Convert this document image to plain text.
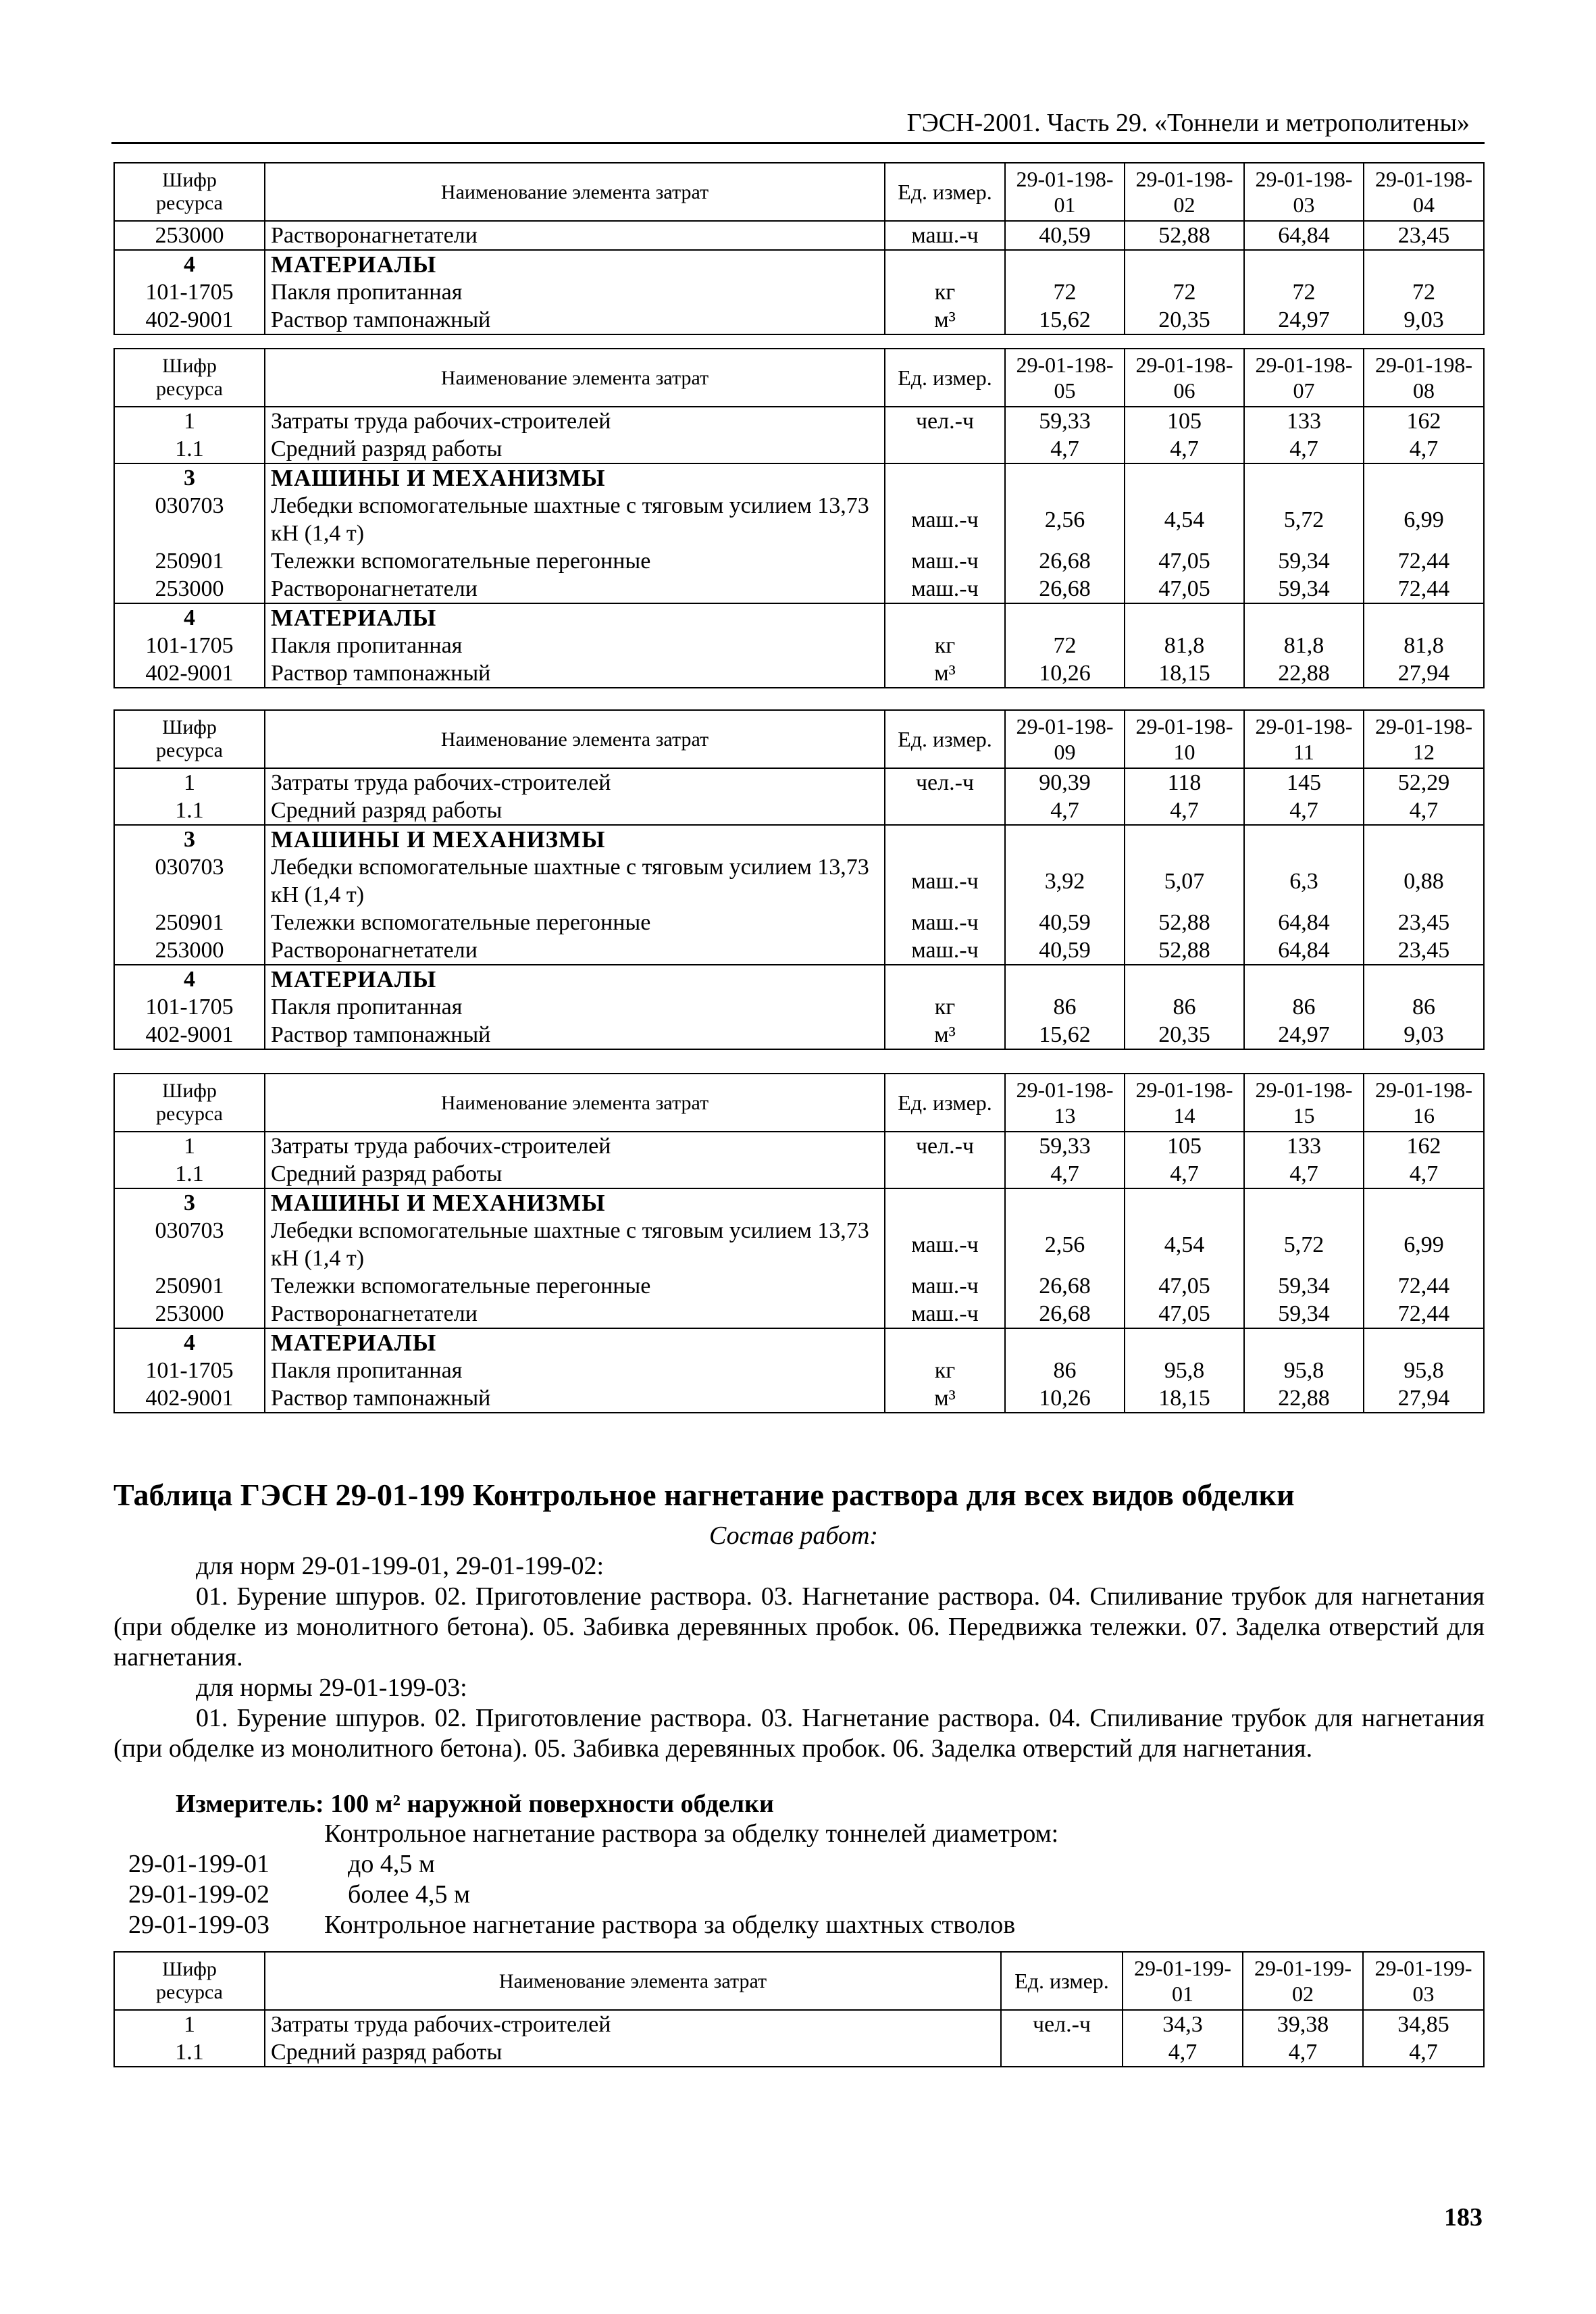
ГЭСН-2001. Часть 29. «Тоннели и метрополитены»
Шифр
ресурса	Наименование элемента затрат	Ед. измер.	29-01-198-01	29-01-198-02	29-01-198-03	29-01-198-04
253000	Растворонагнетатели	маш.-ч	40,59	52,88	64,84	23,45
4	МАТЕРИАЛЫ					
101-1705	Пакля пропитанная	кг	72	72	72	72
402-9001	Раствор тампонажный	м³	15,62	20,35	24,97	9,03
Шифр
ресурса	Наименование элемента затрат	Ед. измер.	29-01-198-05	29-01-198-06	29-01-198-07	29-01-198-08
1	Затраты труда рабочих-строителей	чел.-ч	59,33	105	133	162
1.1	Средний разряд работы		4,7	4,7	4,7	4,7
3	МАШИНЫ И МЕХАНИЗМЫ					
030703	Лебедки вспомогательные шахтные с тяговым усилием 13,73 кН (1,4 т)	маш.-ч	2,56	4,54	5,72	6,99
250901	Тележки вспомогательные перегонные	маш.-ч	26,68	47,05	59,34	72,44
253000	Растворонагнетатели	маш.-ч	26,68	47,05	59,34	72,44
4	МАТЕРИАЛЫ					
101-1705	Пакля пропитанная	кг	72	81,8	81,8	81,8
402-9001	Раствор тампонажный	м³	10,26	18,15	22,88	27,94
Шифр
ресурса	Наименование элемента затрат	Ед. измер.	29-01-198-09	29-01-198-10	29-01-198-11	29-01-198-12
1	Затраты труда рабочих-строителей	чел.-ч	90,39	118	145	52,29
1.1	Средний разряд работы		4,7	4,7	4,7	4,7
3	МАШИНЫ И МЕХАНИЗМЫ					
030703	Лебедки вспомогательные шахтные с тяговым усилием 13,73 кН (1,4 т)	маш.-ч	3,92	5,07	6,3	0,88
250901	Тележки вспомогательные перегонные	маш.-ч	40,59	52,88	64,84	23,45
253000	Растворонагнетатели	маш.-ч	40,59	52,88	64,84	23,45
4	МАТЕРИАЛЫ					
101-1705	Пакля пропитанная	кг	86	86	86	86
402-9001	Раствор тампонажный	м³	15,62	20,35	24,97	9,03
Шифр
ресурса	Наименование элемента затрат	Ед. измер.	29-01-198-13	29-01-198-14	29-01-198-15	29-01-198-16
1	Затраты труда рабочих-строителей	чел.-ч	59,33	105	133	162
1.1	Средний разряд работы		4,7	4,7	4,7	4,7
3	МАШИНЫ И МЕХАНИЗМЫ					
030703	Лебедки вспомогательные шахтные с тяговым усилием 13,73 кН (1,4 т)	маш.-ч	2,56	4,54	5,72	6,99
250901	Тележки вспомогательные перегонные	маш.-ч	26,68	47,05	59,34	72,44
253000	Растворонагнетатели	маш.-ч	26,68	47,05	59,34	72,44
4	МАТЕРИАЛЫ					
101-1705	Пакля пропитанная	кг	86	95,8	95,8	95,8
402-9001	Раствор тампонажный	м³	10,26	18,15	22,88	27,94
Таблица ГЭСН 29-01-199 Контрольное нагнетание раствора для всех видов обделки
Состав работ:
для норм 29-01-199-01, 29-01-199-02:
01. Бурение шпуров. 02. Приготовление раствора. 03. Нагнетание раствора. 04. Спиливание трубок для нагнетания (при обделке из монолитного бетона). 05. Забивка деревянных пробок. 06. Передвижка тележки. 07. Заделка отверстий для нагнетания.
для нормы 29-01-199-03:
01. Бурение шпуров. 02. Приготовление раствора. 03. Нагнетание раствора. 04. Спиливание трубок для нагнетания (при обделке из монолитного бетона). 05. Забивка деревянных пробок. 06. Заделка отверстий для нагнетания.
Измеритель: 100 м² наружной поверхности обделки
Контрольное нагнетание раствора за обделку тоннелей диаметром:
29-01-199-01	до 4,5 м
29-01-199-02	более 4,5 м
29-01-199-03 Контрольное нагнетание раствора за обделку шахтных стволов
Шифр
ресурса	Наименование элемента затрат	Ед. измер.	29-01-199-01	29-01-199-02	29-01-199-03
1	Затраты труда рабочих-строителей	чел.-ч	34,3	39,38	34,85
1.1	Средний разряд работы		4,7	4,7	4,7
183
